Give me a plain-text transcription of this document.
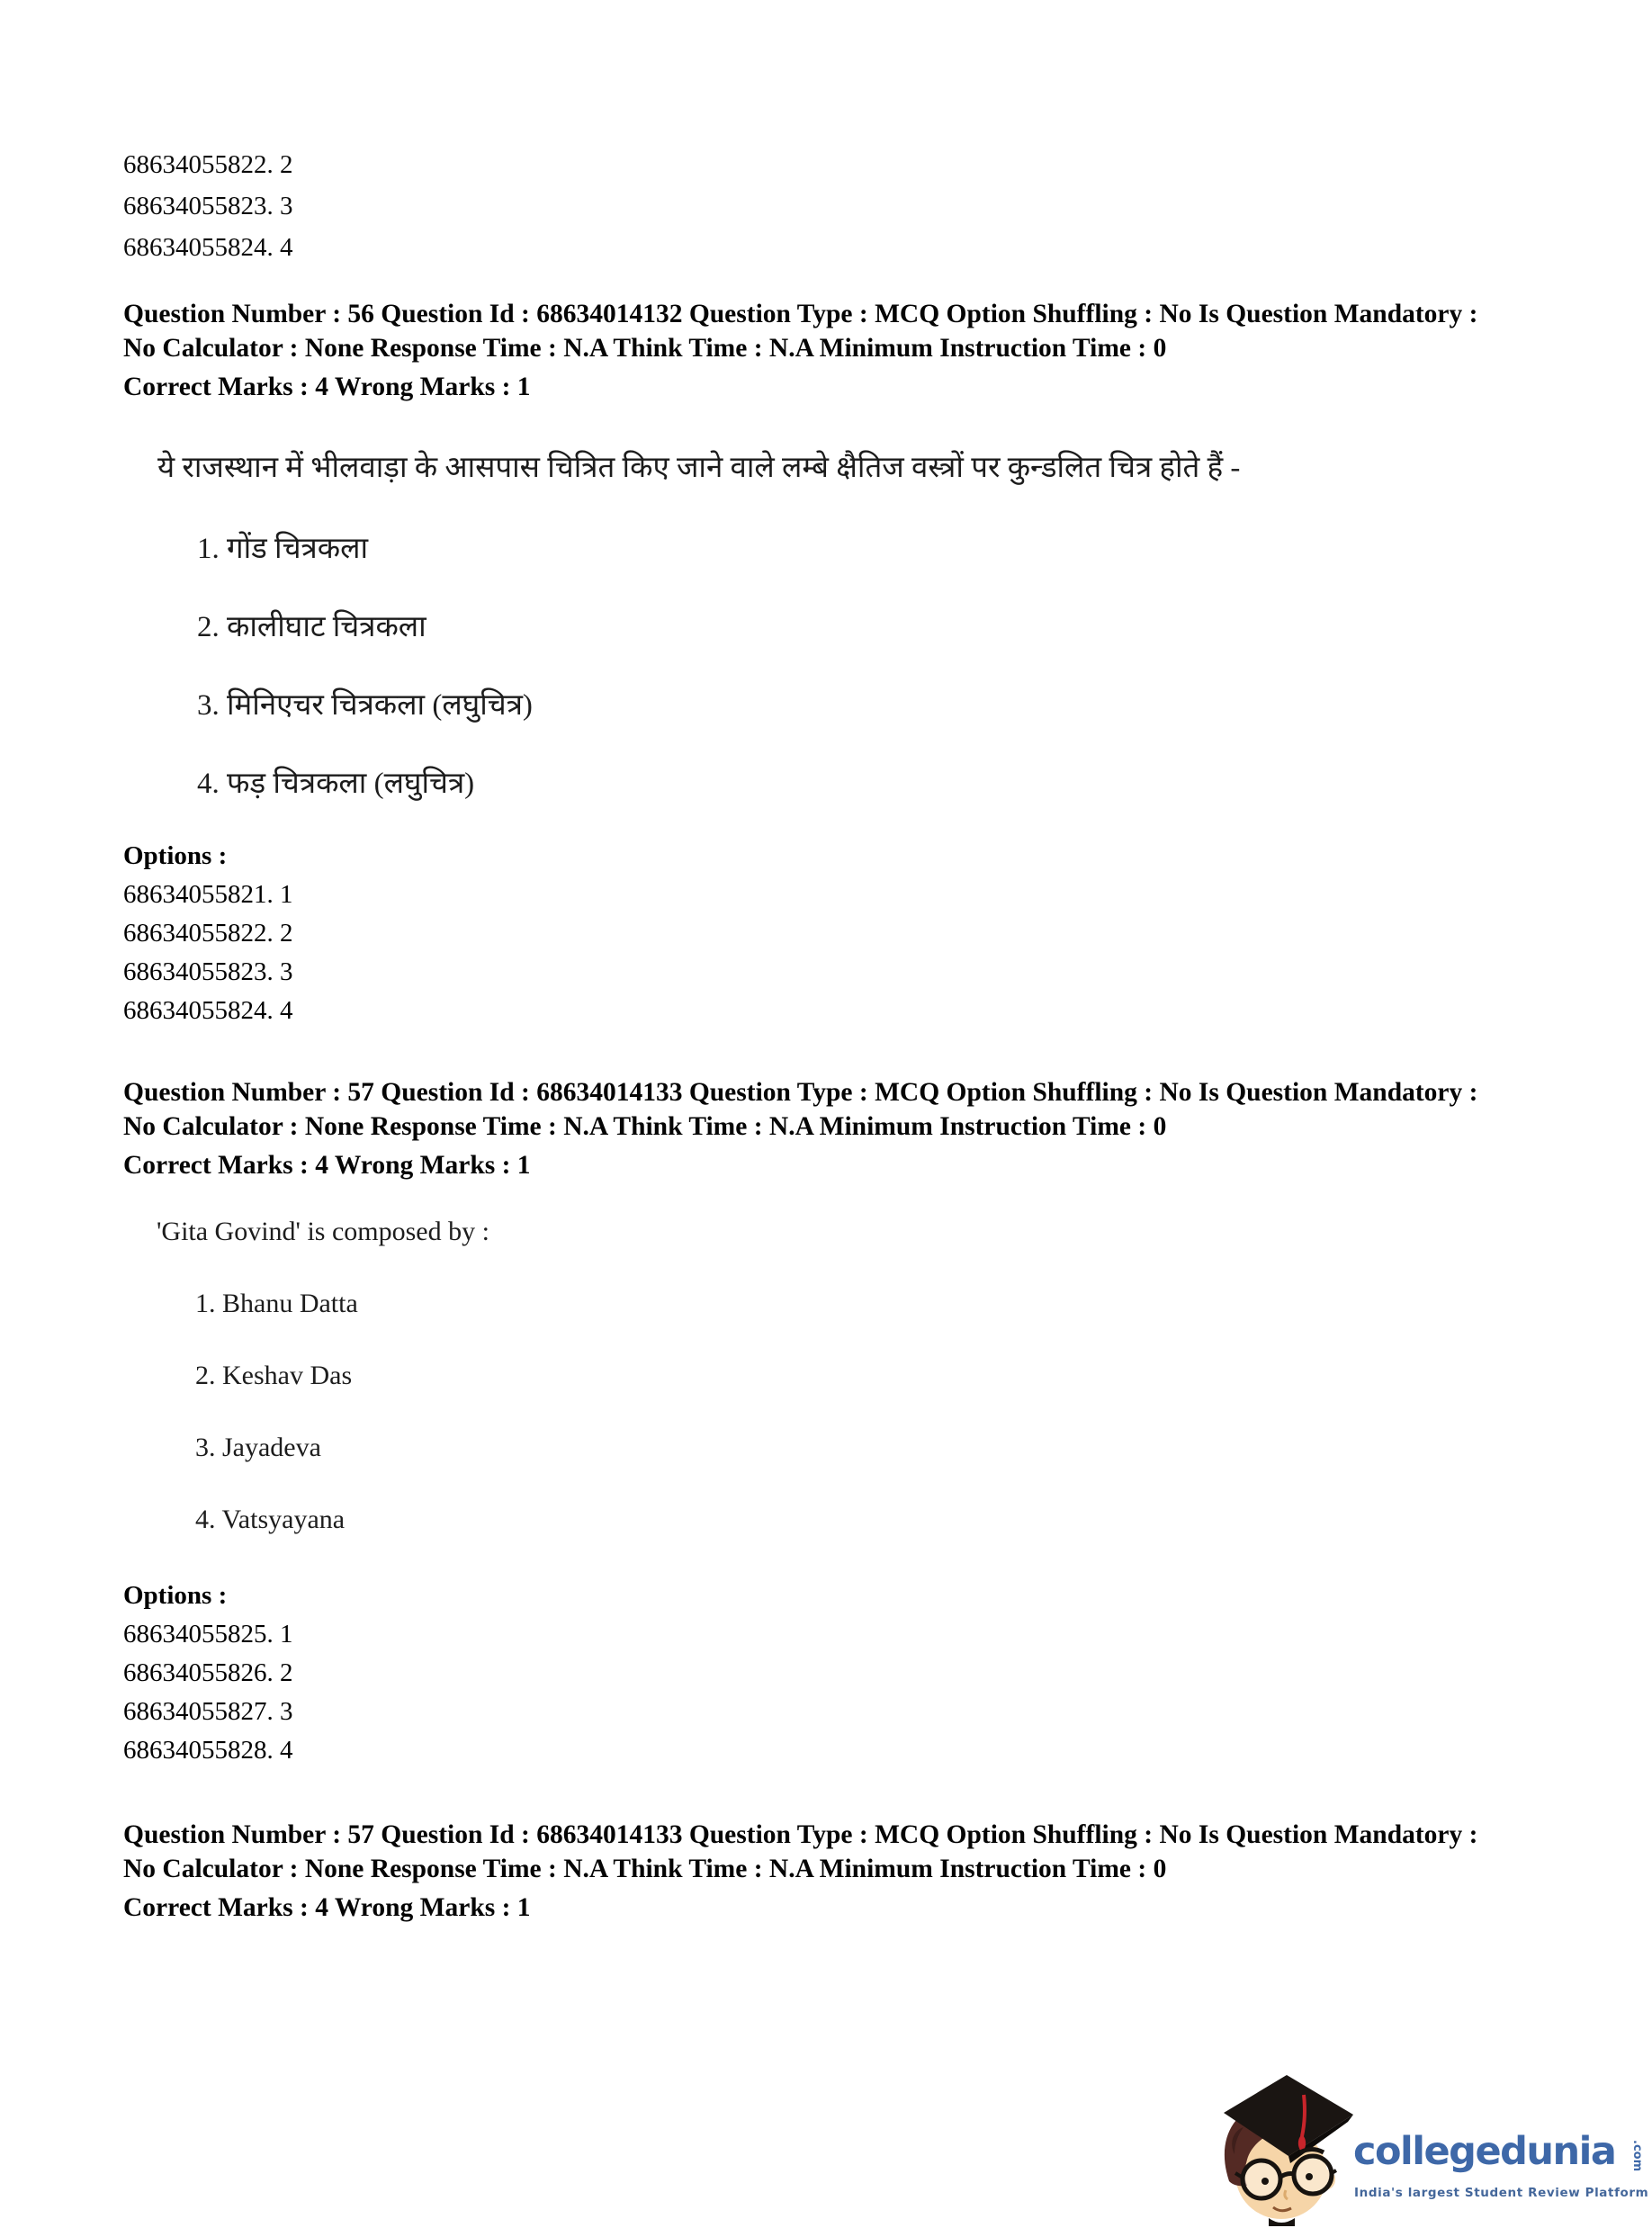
68634055822. 2
68634055823. 3
68634055824. 4
Question Number : 56 Question Id : 68634014132 Question Type : MCQ Option Shuffling : No Is Question Mandatory :
No Calculator : None Response Time : N.A Think Time : N.A Minimum Instruction Time : 0
Correct Marks : 4 Wrong Marks : 1
ये राजस्थान में भीलवाड़ा के आसपास चित्रित किए जाने वाले लम्बे क्षैतिज वस्त्रों पर कुन्डलित चित्र होते हैं -
1. गोंड चित्रकला
2. कालीघाट चित्रकला
3. मिनिएचर चित्रकला (लघुचित्र)
4. फड़ चित्रकला (लघुचित्र)
Options :
68634055821. 1
68634055822. 2
68634055823. 3
68634055824. 4
Question Number : 57 Question Id : 68634014133 Question Type : MCQ Option Shuffling : No Is Question Mandatory :
No Calculator : None Response Time : N.A Think Time : N.A Minimum Instruction Time : 0
Correct Marks : 4 Wrong Marks : 1
'Gita Govind' is composed by :
1. Bhanu Datta
2. Keshav Das
3. Jayadeva
4. Vatsyayana
Options :
68634055825. 1
68634055826. 2
68634055827. 3
68634055828. 4
Question Number : 57 Question Id : 68634014133 Question Type : MCQ Option Shuffling : No Is Question Mandatory :
No Calculator : None Response Time : N.A Think Time : N.A Minimum Instruction Time : 0
Correct Marks : 4 Wrong Marks : 1
collegedunia .com
India's largest Student Review Platform
